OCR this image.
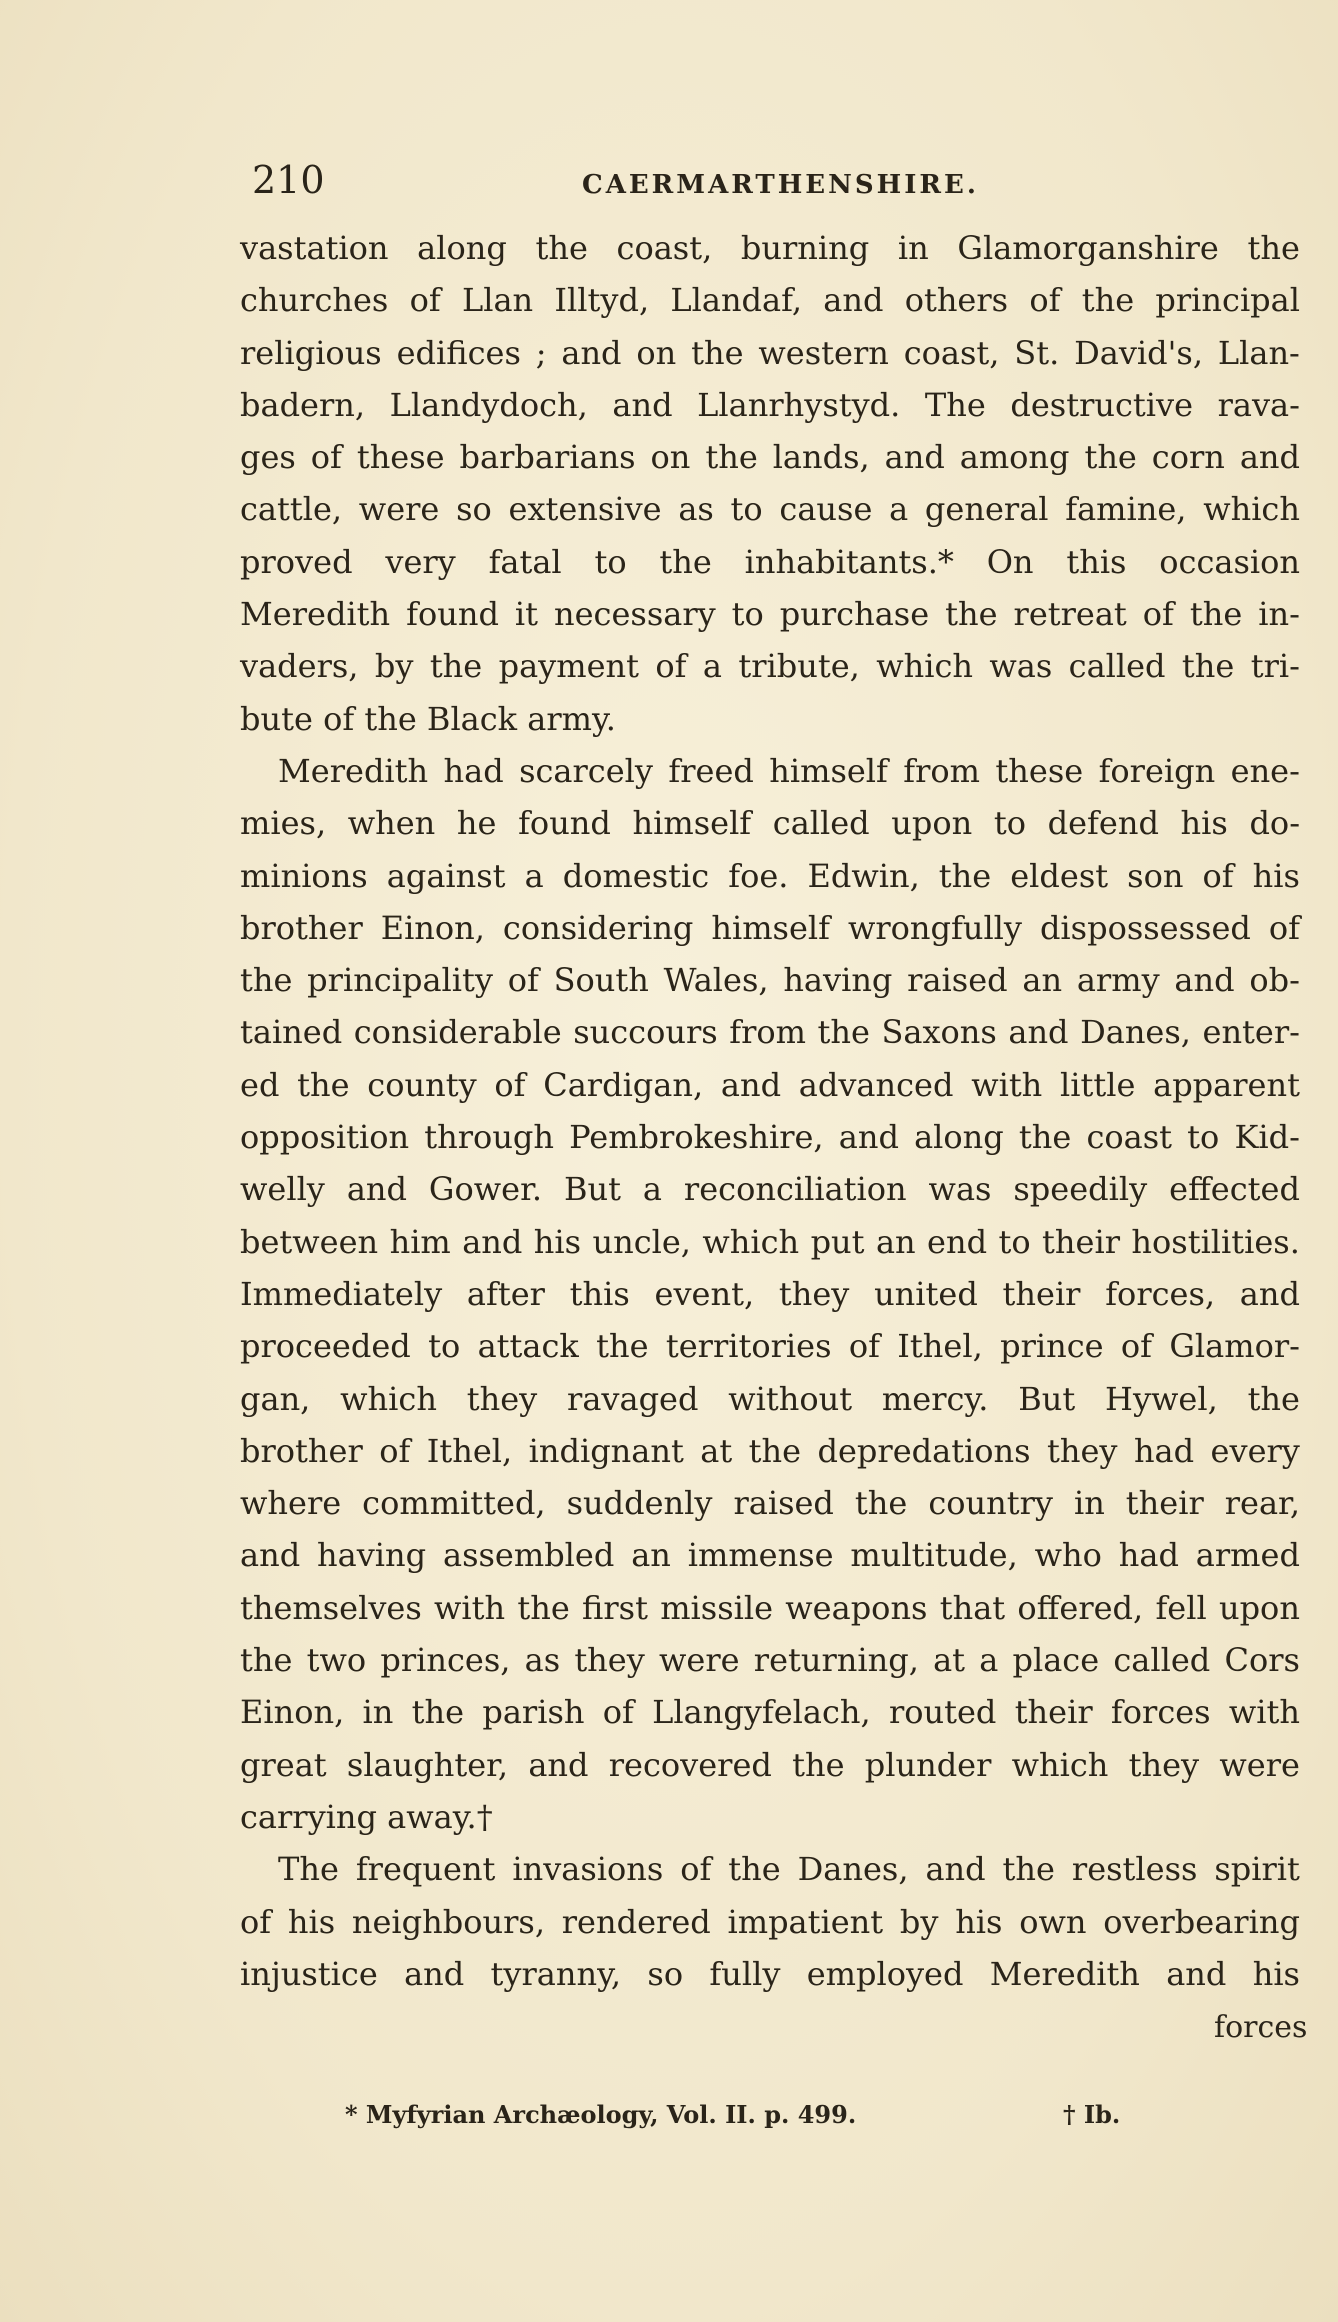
210	CAERMARTHENSHIRE.
vastation along the coast, burning in Glamorganshire the
churches of Llan Illtyd, Llandaf, and others of the principal
religious edifices ; and on the western coast, St. David's, Llan-
badern, Llandydoch, and Llanrhystyd. The destructive rava-
ges of these barbarians on the lands, and among the corn and
cattle, were so extensive as to cause a general famine, which
proved very fatal to the inhabitants.* On this occasion
Meredith found it necessary to purchase the retreat of the in-
vaders, by the payment of a tribute, which was called the tri-
bute of the Black army.
Meredith had scarcely freed himself from these foreign ene-
mies, when he found himself called upon to defend his do-
minions against a domestic foe. Edwin, the eldest son of his
brother Einon, considering himself wrongfully dispossessed of
the principality of South Wales, having raised an army and ob-
tained considerable succours from the Saxons and Danes, enter-
ed the county of Cardigan, and advanced with little apparent
opposition through Pembrokeshire, and along the coast to Kid-
welly and Gower. But a reconciliation was speedily effected
between him and his uncle, which put an end to their hostilities.
Immediately after this event, they united their forces, and
proceeded to attack the territories of Ithel, prince of Glamor-
gan, which they ravaged without mercy. But Hywel, the
brother of Ithel, indignant at the depredations they had every
where committed, suddenly raised the country in their rear,
and having assembled an immense multitude, who had armed
themselves with the first missile weapons that offered, fell upon
the two princes, as they were returning, at a place called Cors
Einon, in the parish of Llangyfelach, routed their forces with
great slaughter, and recovered the plunder which they were
carrying away.†
The frequent invasions of the Danes, and the restless spirit
of his neighbours, rendered impatient by his own overbearing
injustice and tyranny, so fully employed Meredith and his
forces
* Myfyrian Archæology, Vol. II. p. 499.	† Ib.
